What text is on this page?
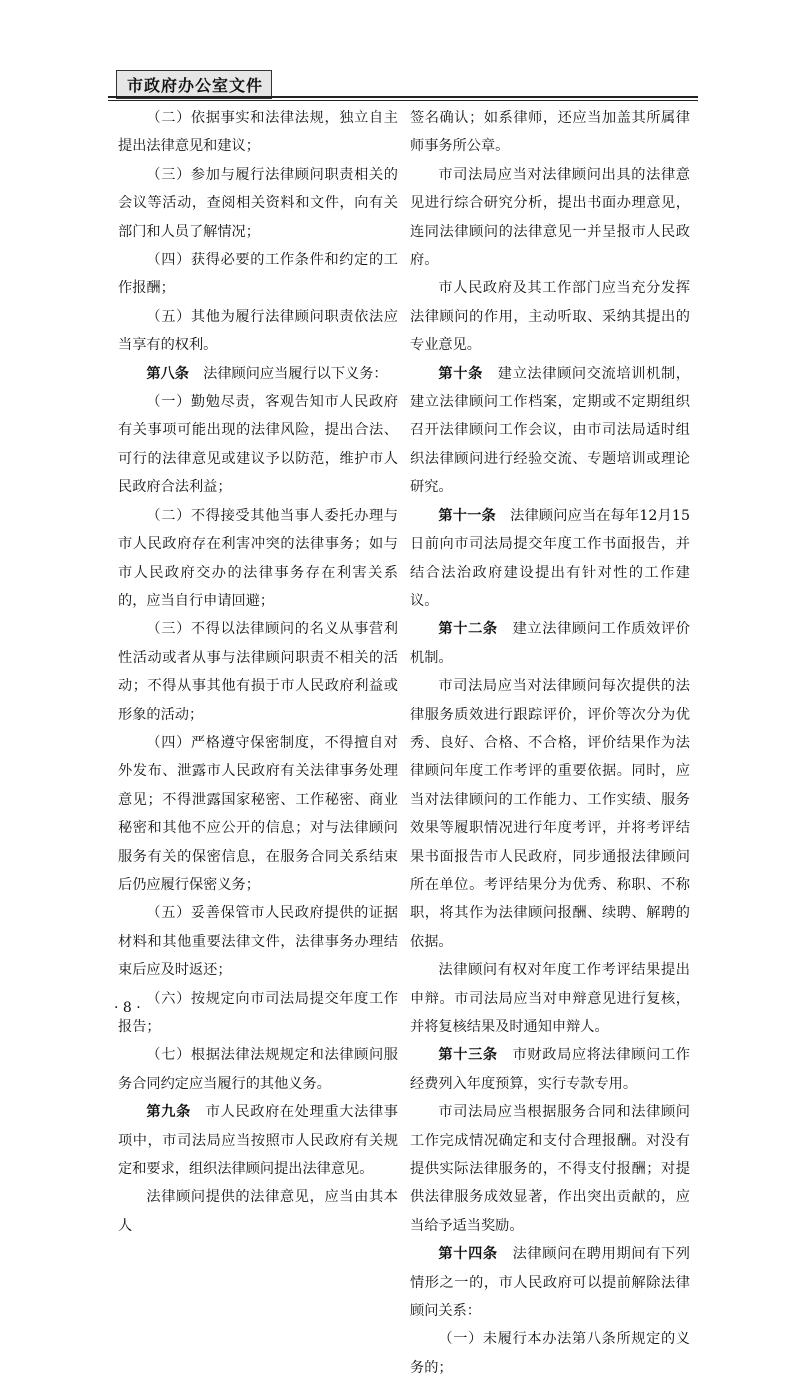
市政府办公室文件

（二）依据事实和法律法规，独立自主提出法律意见和建议；

（三）参加与履行法律顾问职责相关的会议等活动，查阅相关资料和文件，向有关部门和人员了解情况；

（四）获得必要的工作条件和约定的工作报酬；

（五）其他为履行法律顾问职责依法应当享有的权利。

第八条　 法律顾问应当履行以下义务：

（一）勤勉尽责，客观告知市人民政府有关事项可能出现的法律风险，提出合法、可行的法律意见或建议予以防范，维护市人民政府合法利益；

（二）不得接受其他当事人委托办理与市人民政府存在利害冲突的法律事务；如与市人民政府交办的法律事务存在利害关系的，应当自行申请回避；

（三）不得以法律顾问的名义从事营利性活动或者从事与法律顾问职责不相关的活动；不得从事其他有损于市人民政府利益或形象的活动；

（四）严格遵守保密制度，不得擅自对外发布、泄露市人民政府有关法律事务处理意见；不得泄露国家秘密、工作秘密、商业秘密和其他不应公开的信息；对与法律顾问服务有关的保密信息，在服务合同关系结束后仍应履行保密义务；

（五）妥善保管市人民政府提供的证据材料和其他重要法律文件，法律事务办理结束后应及时返还；

（六）按规定向市司法局提交年度工作报告；

（七）根据法律法规规定和法律顾问服务合同约定应当履行的其他义务。

第九条　 市人民政府在处理重大法律事项中，市司法局应当按照市人民政府有关规定和要求，组织法律顾问提出法律意见。

法律顾问提供的法律意见，应当由其本人

签名确认；如系律师，还应当加盖其所属律师事务所公章。

市司法局应当对法律顾问出具的法律意见进行综合研究分析，提出书面办理意见，连同法律顾问的法律意见一并呈报市人民政府。

市人民政府及其工作部门应当充分发挥法律顾问的作用，主动听取、采纳其提出的专业意见。

第十条　 建立法律顾问交流培训机制，建立法律顾问工作档案，定期或不定期组织召开法律顾问工作会议，由市司法局适时组织法律顾问进行经验交流、专题培训或理论研究。

第十一条　 法律顾问应当在每年12月15日前向市司法局提交年度工作书面报告，并结合法治政府建设提出有针对性的工作建议。

第十二条　 建立法律顾问工作质效评价机制。

市司法局应当对法律顾问每次提供的法律服务质效进行跟踪评价，评价等次分为优秀、良好、合格、不合格，评价结果作为法律顾问年度工作考评的重要依据。同时，应当对法律顾问的工作能力、工作实绩、服务效果等履职情况进行年度考评，并将考评结果书面报告市人民政府，同步通报法律顾问所在单位。考评结果分为优秀、称职、不称职，将其作为法律顾问报酬、续聘、解聘的依据。

法律顾问有权对年度工作考评结果提出申辩。市司法局应当对申辩意见进行复核，并将复核结果及时通知申辩人。

第十三条　 市财政局应将法律顾问工作经费列入年度预算，实行专款专用。

市司法局应当根据服务合同和法律顾问工作完成情况确定和支付合理报酬。对没有提供实际法律服务的，不得支付报酬；对提供法律服务成效显著，作出突出贡献的，应当给予适当奖励。

第十四条　 法律顾问在聘用期间有下列情形之一的，市人民政府可以提前解除法律顾问关系：

（一）未履行本办法第八条所规定的义务的；

· 8 ·
